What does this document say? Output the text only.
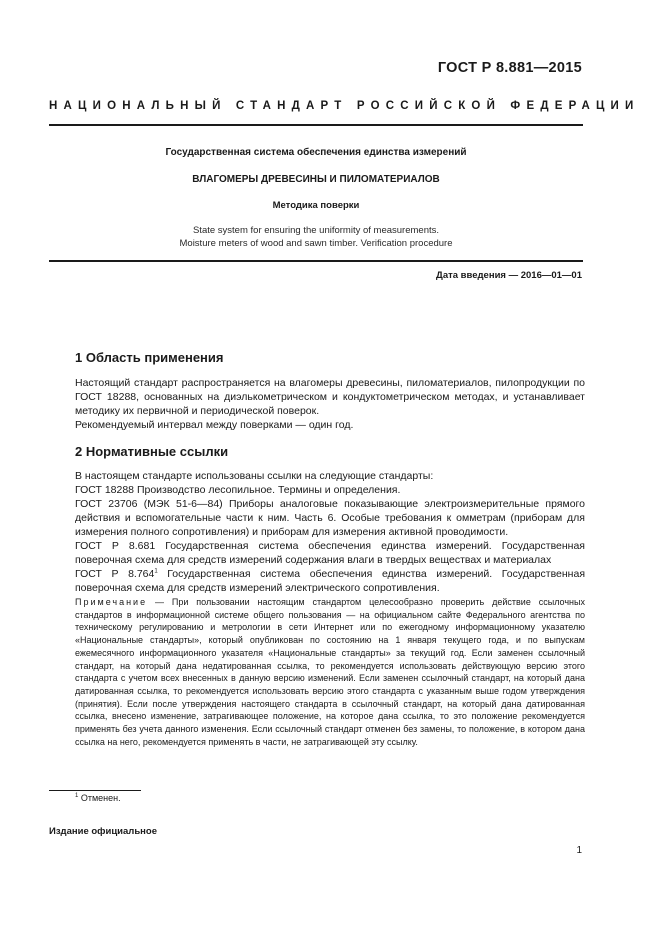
ГОСТ Р 8.881—2015
НАЦИОНАЛЬНЫЙ СТАНДАРТ РОССИЙСКОЙ ФЕДЕРАЦИИ
Государственная система обеспечения единства измерений
ВЛАГОМЕРЫ ДРЕВЕСИНЫ И ПИЛОМАТЕРИАЛОВ
Методика поверки
State system for ensuring the uniformity of measurements.
Moisture meters of wood and sawn timber. Verification procedure
Дата введения — 2016—01—01
1 Область применения

Настоящий стандарт распространяется на влагомеры древесины, пиломатериалов, пилопродукции по ГОСТ 18288, основанных на диэлькометрическом и кондуктометрическом методах, и устанавливает методику их первичной и периодической поверок.

Рекомендуемый интервал между поверками — один год.

2 Нормативные ссылки

В настоящем стандарте использованы ссылки на следующие стандарты:

ГОСТ 18288 Производство лесопильное. Термины и определения.

ГОСТ 23706 (МЭК 51-6—84) Приборы аналоговые показывающие электроизмерительные прямого действия и вспомогательные части к ним. Часть 6. Особые требования к омметрам (приборам для измерения полного сопротивления) и приборам для измерения активной проводимости.

ГОСТ Р 8.681 Государственная система обеспечения единства измерений. Государственная поверочная схема для средств измерений содержания влаги в твердых веществах и материалах

ГОСТ Р 8.764$^1$ Государственная система обеспечения единства измерений. Государственная поверочная схема для средств измерений электрического сопротивления.

Примечание — При пользовании настоящим стандартом целесообразно проверить действие ссылочных стандартов в информационной системе общего пользования — на официальном сайте Федерального агентства по техническому регулированию и метрологии в сети Интернет или по ежегодному информационному указателю «Национальные стандарты», который опубликован по состоянию на 1 января текущего года, и по выпускам ежемесячного информационного указателя «Национальные стандарты» за текущий год. Если заменен ссылочный стандарт, на который дана недатированная ссылка, то рекомендуется использовать действующую версию этого стандарта с учетом всех внесенных в данную версию изменений. Если заменен ссылочный стандарт, на который дана датированная ссылка, то рекомендуется использовать версию этого стандарта с указанным выше годом утверждения (принятия). Если после утверждения настоящего стандарта в ссылочный стандарт, на который дана датированная ссылка, внесено изменение, затрагивающее положение, на которое дана ссылка, то это положение рекомендуется применять без учета данного изменения. Если ссылочный стандарт отменен без замены, то положение, в котором дана ссылка на него, рекомендуется применять в части, не затрагивающей эту ссылку.
$^1$ Отменен.
Издание официальное
1
